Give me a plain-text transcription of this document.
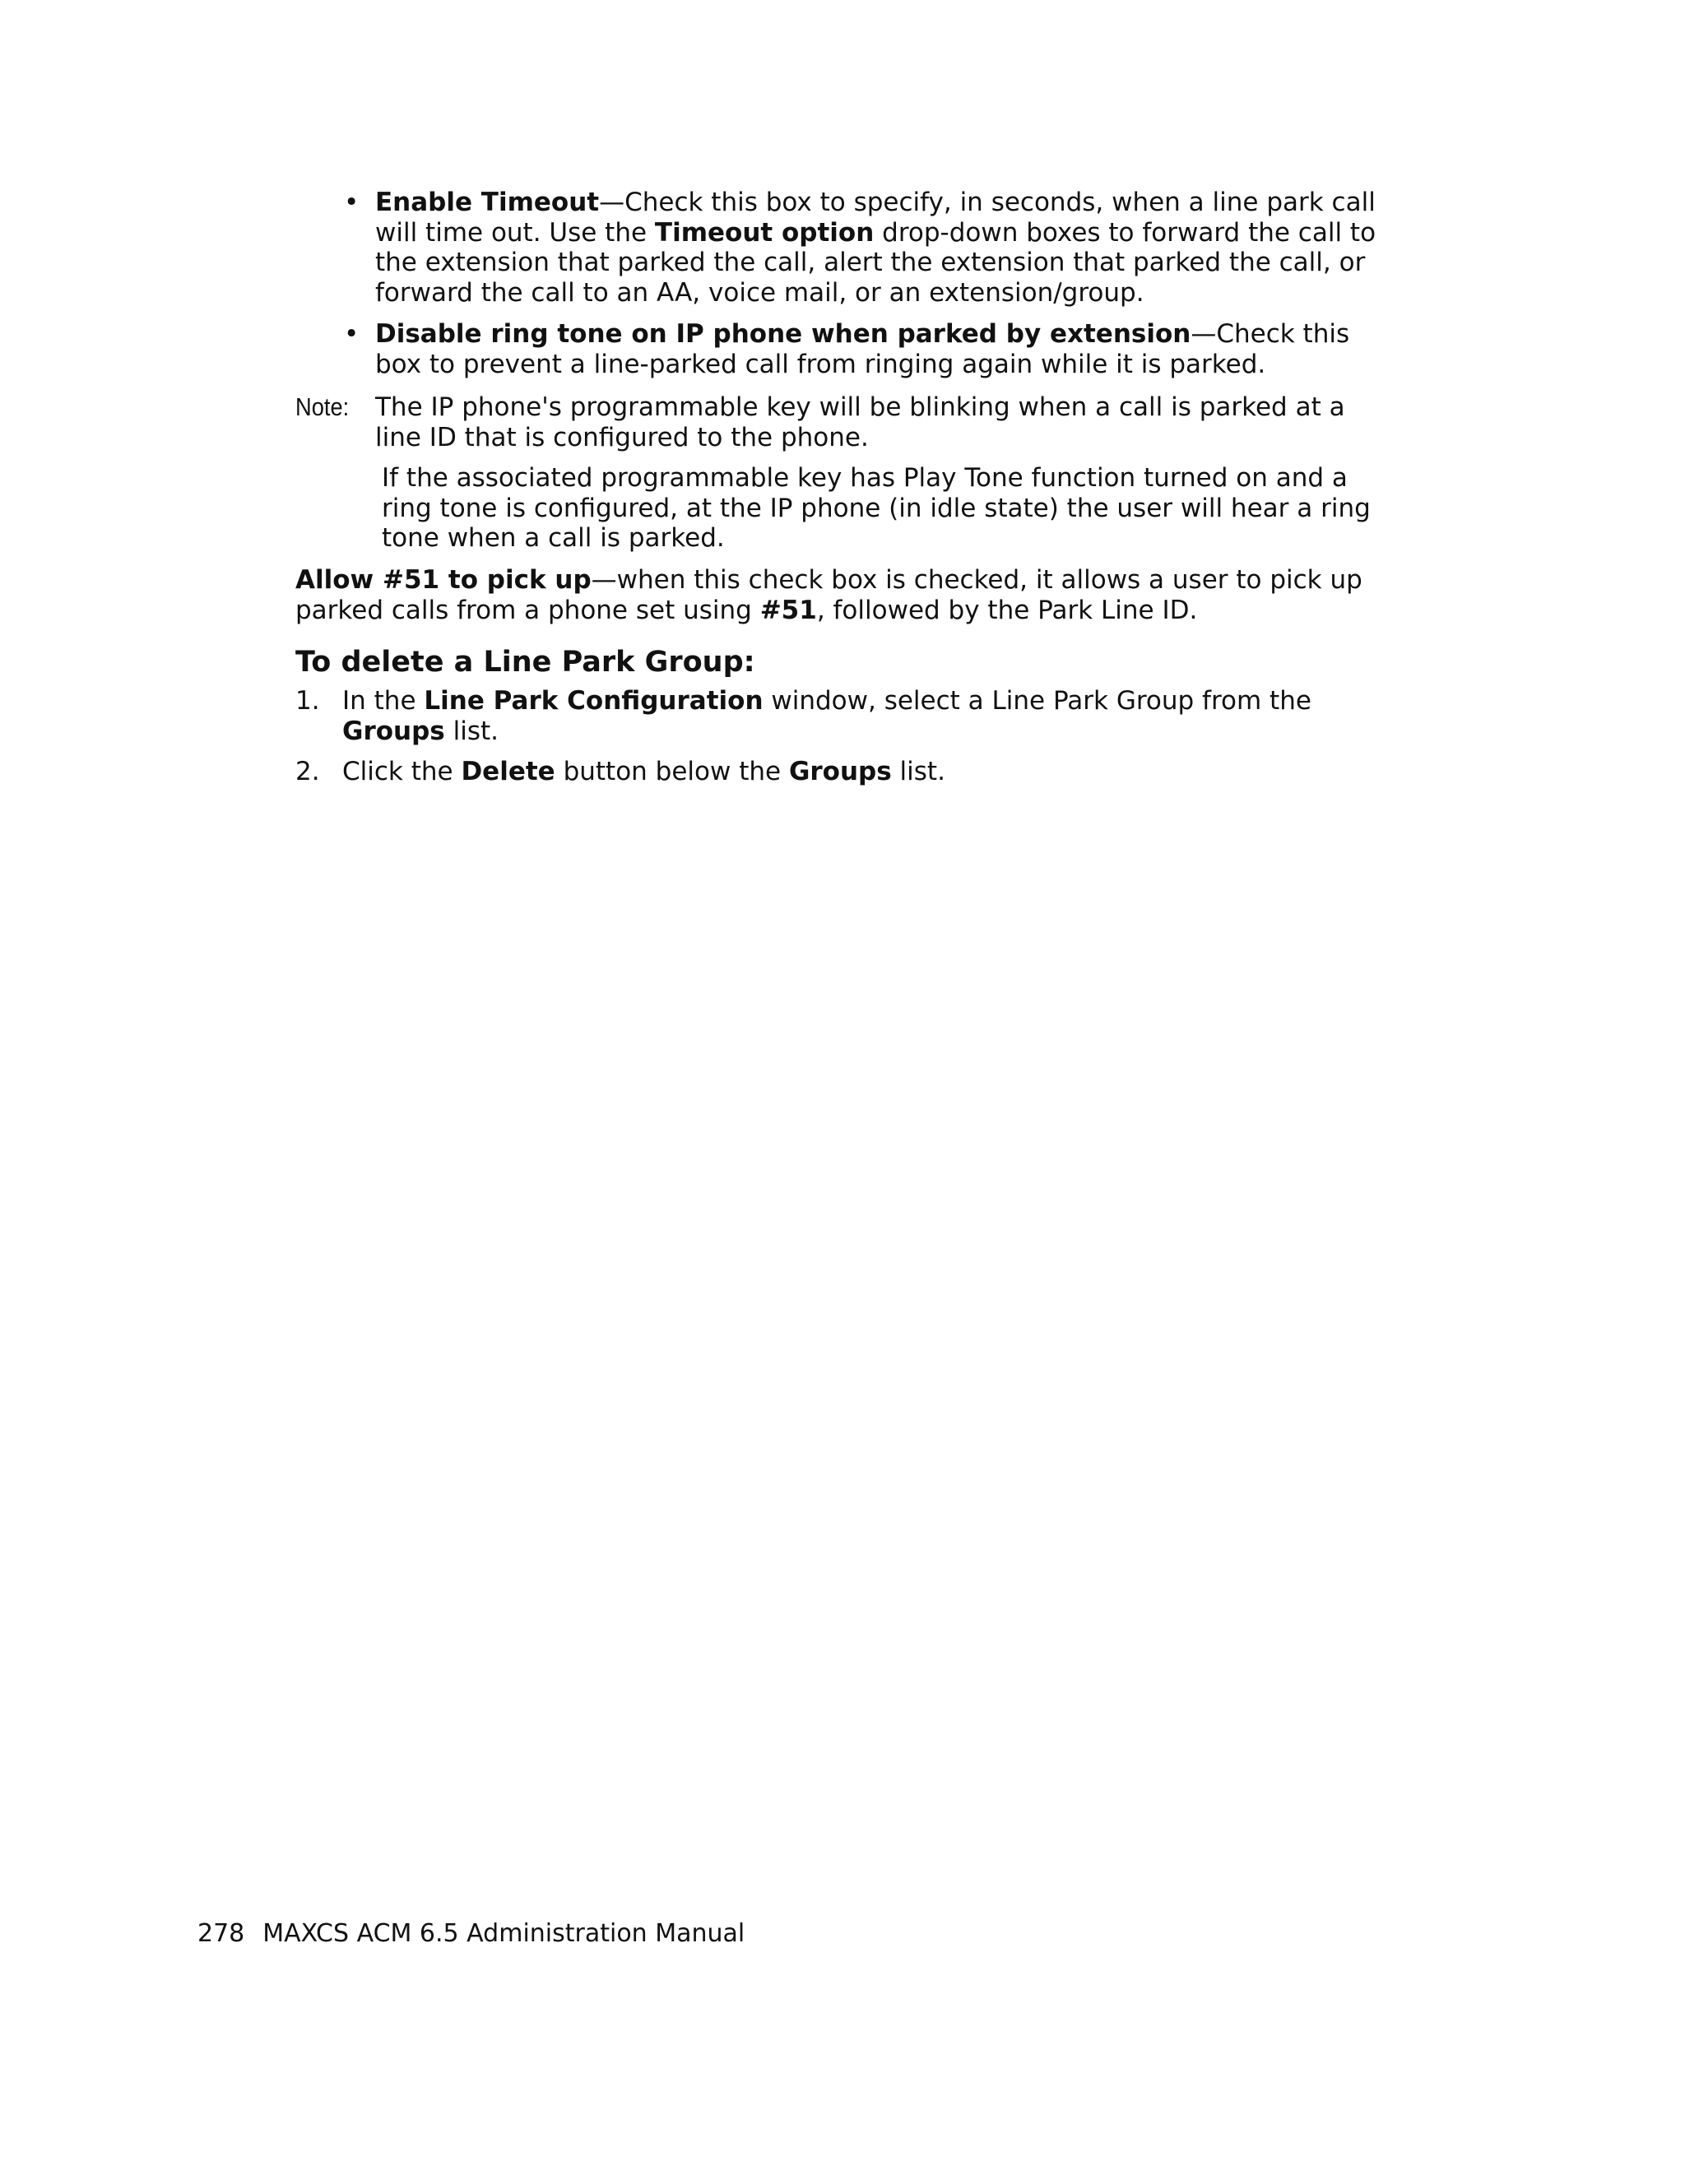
• Enable Timeout—Check this box to specify, in seconds, when a line park call will time out. Use the Timeout option drop-down boxes to forward the call to the extension that parked the call, alert the extension that parked the call, or forward the call to an AA, voice mail, or an extension/group.

• Disable ring tone on IP phone when parked by extension—Check this box to prevent a line-parked call from ringing again while it is parked.

Note: The IP phone's programmable key will be blinking when a call is parked at a line ID that is configured to the phone.

If the associated programmable key has Play Tone function turned on and a ring tone is configured, at the IP phone (in idle state) the user will hear a ring tone when a call is parked.

Allow #51 to pick up—when this check box is checked, it allows a user to pick up parked calls from a phone set using #51, followed by the Park Line ID.

To delete a Line Park Group:
1. In the Line Park Configuration window, select a Line Park Group from the Groups list.

2. Click the Delete button below the Groups list.

278 MAXCS ACM 6.5 Administration Manual
